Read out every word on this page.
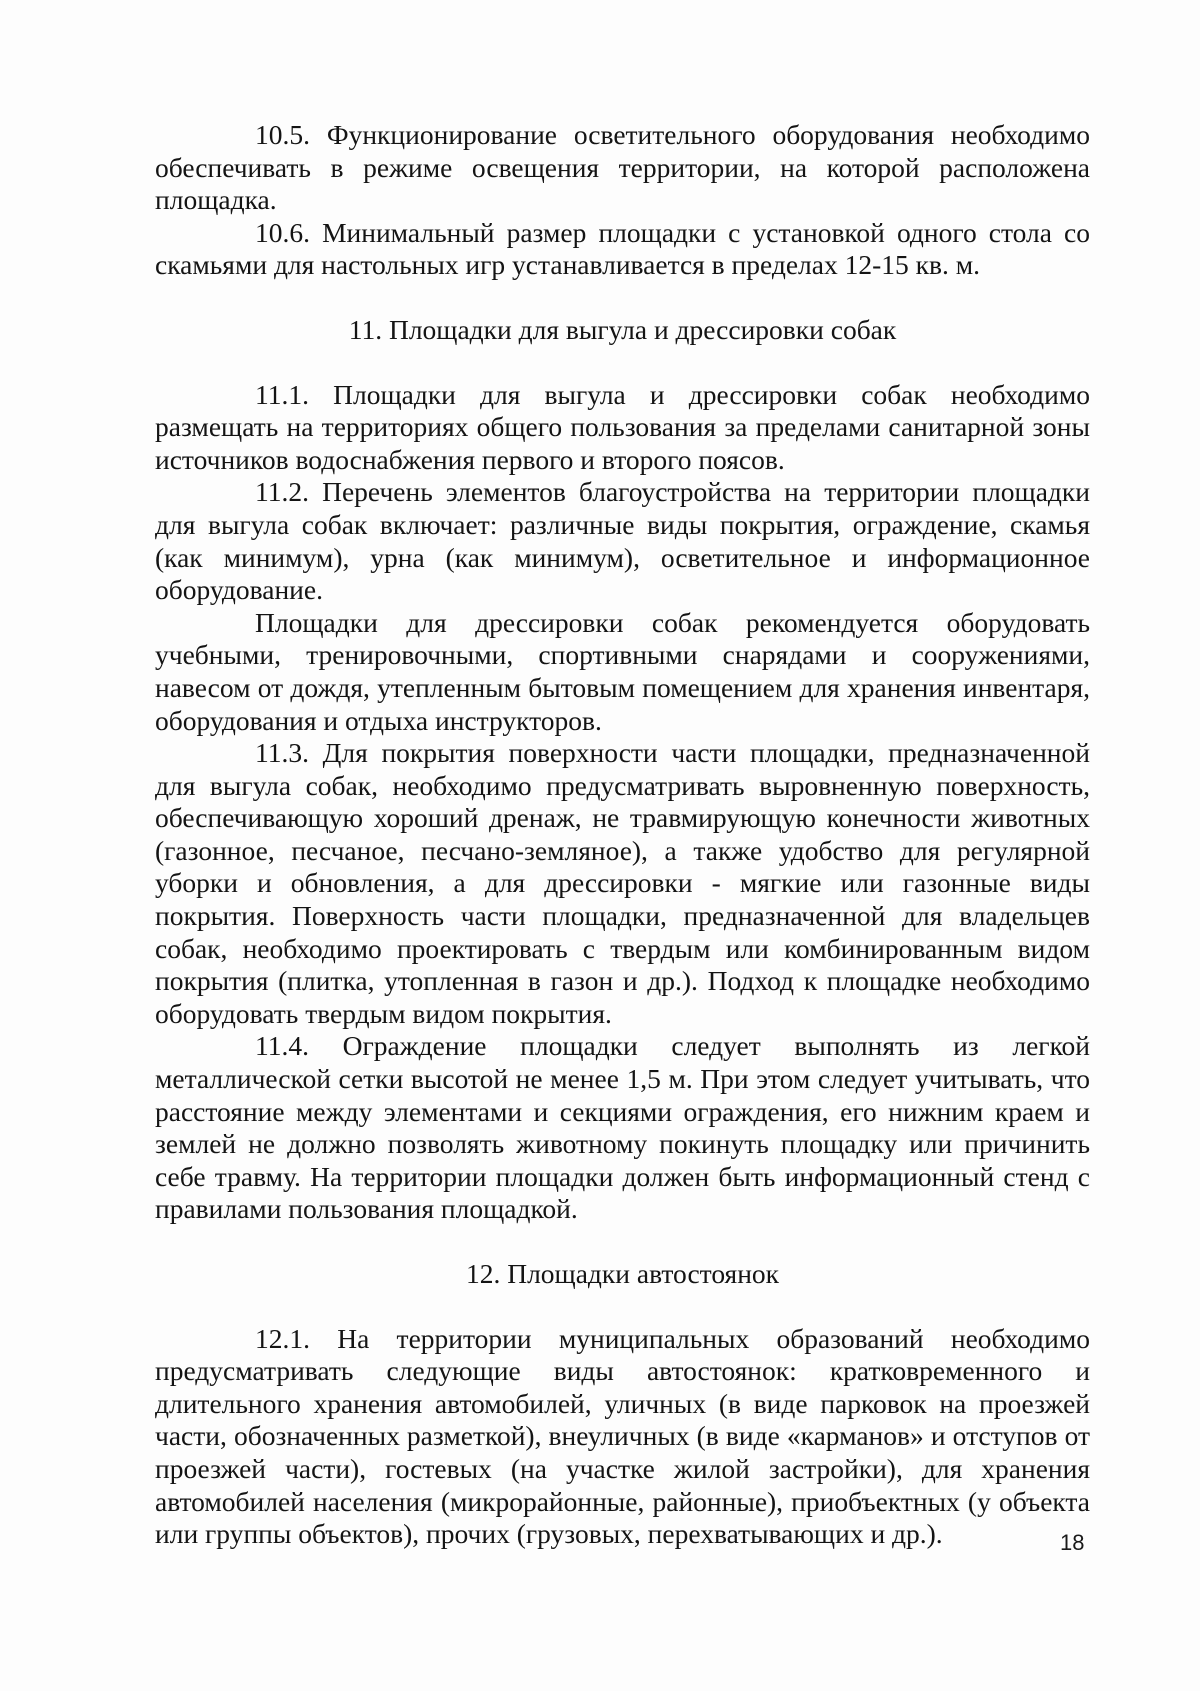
10.5. Функционирование осветительного оборудования необходимо обеспечивать в режиме освещения территории, на которой расположена площадка.

10.6. Минимальный размер площадки с установкой одного стола со скамьями для настольных игр устанавливается в пределах 12-15 кв. м.

11. Площадки для выгула и дрессировки собак

11.1. Площадки для выгула и дрессировки собак необходимо размещать на территориях общего пользования за пределами санитарной зоны источников водоснабжения первого и второго поясов.

11.2. Перечень элементов благоустройства на территории площадки для выгула собак включает: различные виды покрытия, ограждение, скамья (как минимум), урна (как минимум), осветительное и информационное оборудование.

Площадки для дрессировки собак рекомендуется оборудовать учебными, тренировочными, спортивными снарядами и сооружениями, навесом от дождя, утепленным бытовым помещением для хранения инвентаря, оборудования и отдыха инструкторов.

11.3. Для покрытия поверхности части площадки, предназначенной для выгула собак, необходимо предусматривать выровненную поверхность, обеспечивающую хороший дренаж, не травмирующую конечности животных (газонное, песчаное, песчано-земляное), а также удобство для регулярной уборки и обновления, а для дрессировки - мягкие или газонные виды покрытия. Поверхность части площадки, предназначенной для владельцев собак, необходимо проектировать с твердым или комбинированным видом покрытия (плитка, утопленная в газон и др.). Подход к площадке необходимо оборудовать твердым видом покрытия.

11.4. Ограждение площадки следует выполнять из легкой металлической сетки высотой не менее 1,5 м. При этом следует учитывать, что расстояние между элементами и секциями ограждения, его нижним краем и землей не должно позволять животному покинуть площадку или причинить себе травму. На территории площадки должен быть информационный стенд с правилами пользования площадкой.

12. Площадки автостоянок

12.1. На территории муниципальных образований необходимо предусматривать следующие виды автостоянок: кратковременного и длительного хранения автомобилей, уличных (в виде парковок на проезжей части, обозначенных разметкой), внеуличных (в виде «карманов» и отступов от проезжей части), гостевых (на участке жилой застройки), для хранения автомобилей населения (микрорайонные, районные), приобъектных (у объекта или группы объектов), прочих (грузовых, перехватывающих и др.).	18
